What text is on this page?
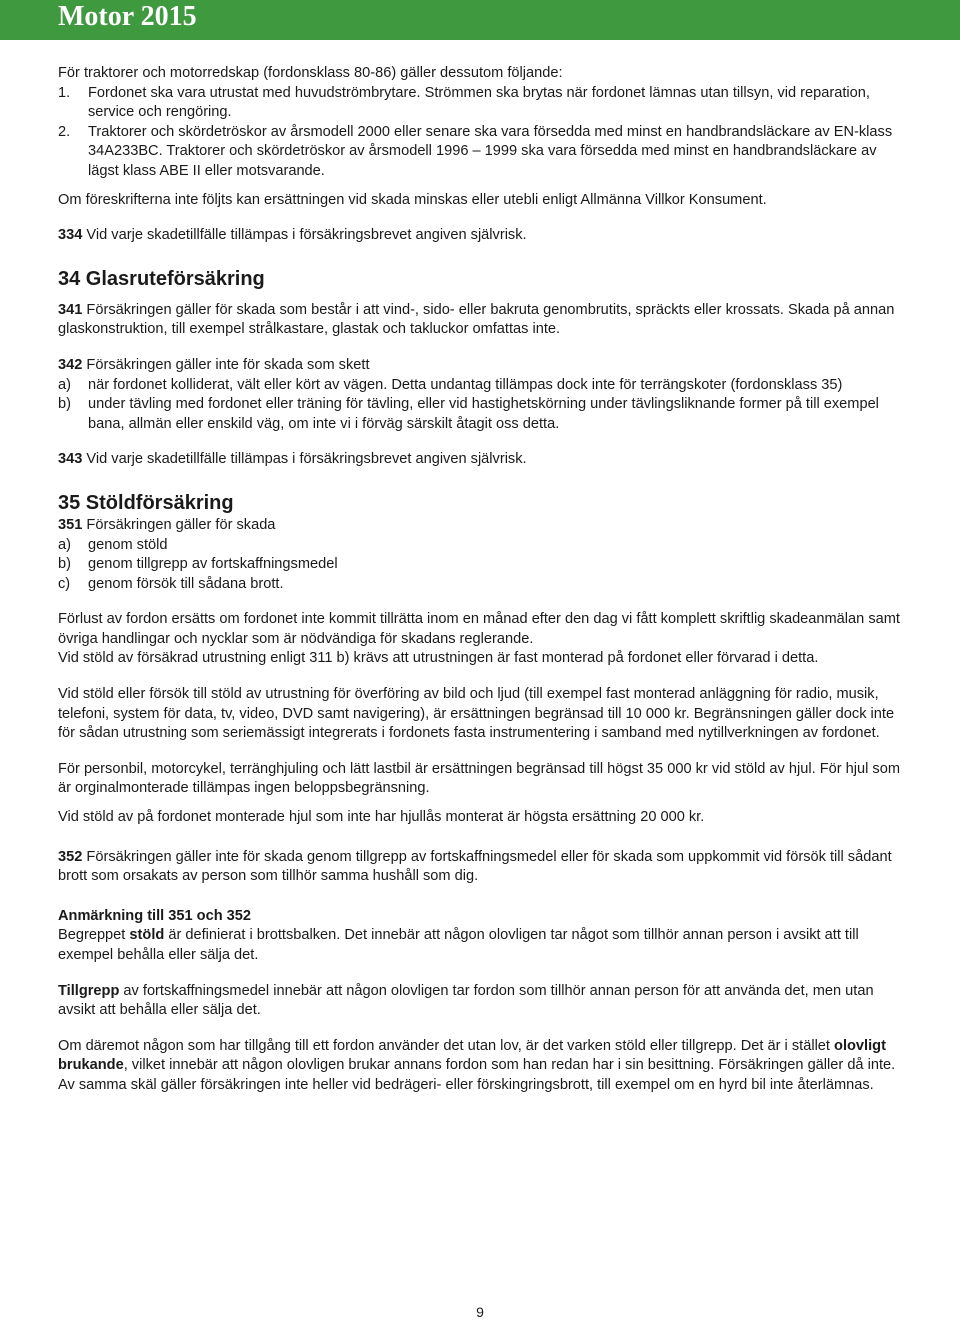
Motor 2015

För traktorer och motorredskap (fordonsklass 80-86) gäller dessutom följande:

1. Fordonet ska vara utrustat med huvudströmbrytare. Strömmen ska brytas när fordonet lämnas utan tillsyn, vid reparation, service och rengöring.
2. Traktorer och skördetröskor av årsmodell 2000 eller senare ska vara försedda med minst en handbrandsläckare av EN-klass 34A233BC. Traktorer och skördetröskor av årsmodell 1996 – 1999 ska vara försedda med minst en handbrandsläckare av lägst klass ABE II eller motsvarande.

Om föreskrifterna inte följts kan ersättningen vid skada minskas eller utebli enligt Allmänna Villkor Konsument.

334 Vid varje skadetillfälle tillämpas i försäkringsbrevet angiven självrisk.

34 Glasruteförsäkring

341 Försäkringen gäller för skada som består i att vind-, sido- eller bakruta genombrutits, spräckts eller krossats. Skada på annan glaskonstruktion, till exempel strålkastare, glastak och takluckor omfattas inte.

342 Försäkringen gäller inte för skada som skett

a) när fordonet kolliderat, vält eller kört av vägen. Detta undantag tillämpas dock inte för terrängskoter (fordonsklass 35)
b) under tävling med fordonet eller träning för tävling, eller vid hastighetskörning under tävlingsliknande former på till exempel bana, allmän eller enskild väg, om inte vi i förväg särskilt åtagit oss detta.

343 Vid varje skadetillfälle tillämpas i försäkringsbrevet angiven självrisk.

35 Stöldförsäkring

351 Försäkringen gäller för skada

a) genom stöld
b) genom tillgrepp av fortskaffningsmedel
c) genom försök till sådana brott.

Förlust av fordon ersätts om fordonet inte kommit tillrätta inom en månad efter den dag vi fått komplett skriftlig skadeanmälan samt övriga handlingar och nycklar som är nödvändiga för skadans reglerande.

Vid stöld av försäkrad utrustning enligt 311 b) krävs att utrustningen är fast monterad på fordonet eller förvarad i detta.

Vid stöld eller försök till stöld av utrustning för överföring av bild och ljud (till exempel fast monterad anläggning för radio, musik, telefoni, system för data, tv, video, DVD samt navigering), är ersättningen begränsad till 10 000 kr. Begränsningen gäller dock inte för sådan utrustning som seriemässigt integrerats i fordonets fasta instrumentering i samband med nytillverkningen av fordonet.

För personbil, motorcykel, terränghjuling och lätt lastbil är ersättningen begränsad till högst 35 000 kr vid stöld av hjul. För hjul som är orginalmonterade tillämpas ingen beloppsbegränsning.

Vid stöld av på fordonet monterade hjul som inte har hjullås monterat är högsta ersättning 20 000 kr.

352 Försäkringen gäller inte för skada genom tillgrepp av fortskaffningsmedel eller för skada som uppkommit vid försök till sådant brott som orsakats av person som tillhör samma hushåll som dig.

Anmärkning till 351 och 352

Begreppet stöld är definierat i brottsbalken. Det innebär att någon olovligen tar något som tillhör annan person i avsikt att till exempel behålla eller sälja det.

Tillgrepp av fortskaffningsmedel innebär att någon olovligen tar fordon som tillhör annan person för att använda det, men utan avsikt att behålla eller sälja det.

Om däremot någon som har tillgång till ett fordon använder det utan lov, är det varken stöld eller tillgrepp. Det är i stället olovligt brukande, vilket innebär att någon olovligen brukar annans fordon som han redan har i sin besittning. Försäkringen gäller då inte. Av samma skäl gäller försäkringen inte heller vid bedrägeri- eller förskingringsbrott, till exempel om en hyrd bil inte återlämnas.

9
